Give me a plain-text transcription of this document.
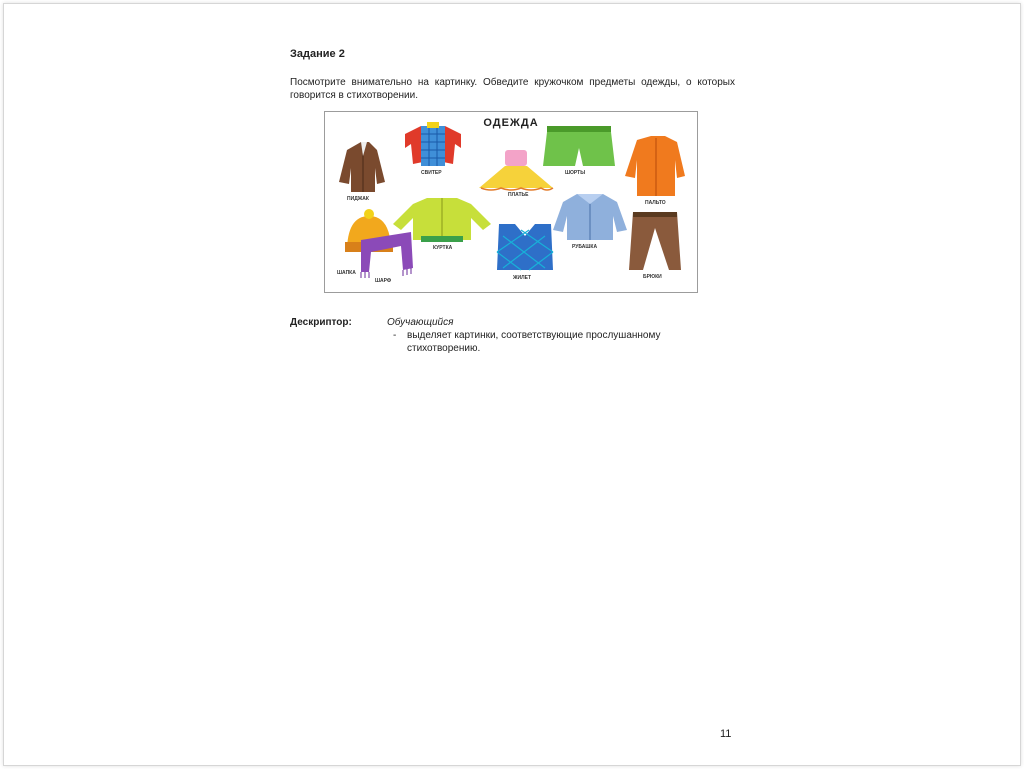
Задание 2

Посмотрите внимательно на картинку. Обведите кружочком предметы одежды, о которых говорится в стихотворении.

ОДЕЖДА
ПИДЖАК
СВИТЕР
ПЛАТЬЕ
ШОРТЫ
ПАЛЬТО
ШАПКА
ШАРФ
КУРТКА
ЖИЛЕТ
РУБАШКА
БРЮКИ
Дескриптор:	Обучающийся
- выделяет картинки, соответствующие прослушанному стихотворению.
11
